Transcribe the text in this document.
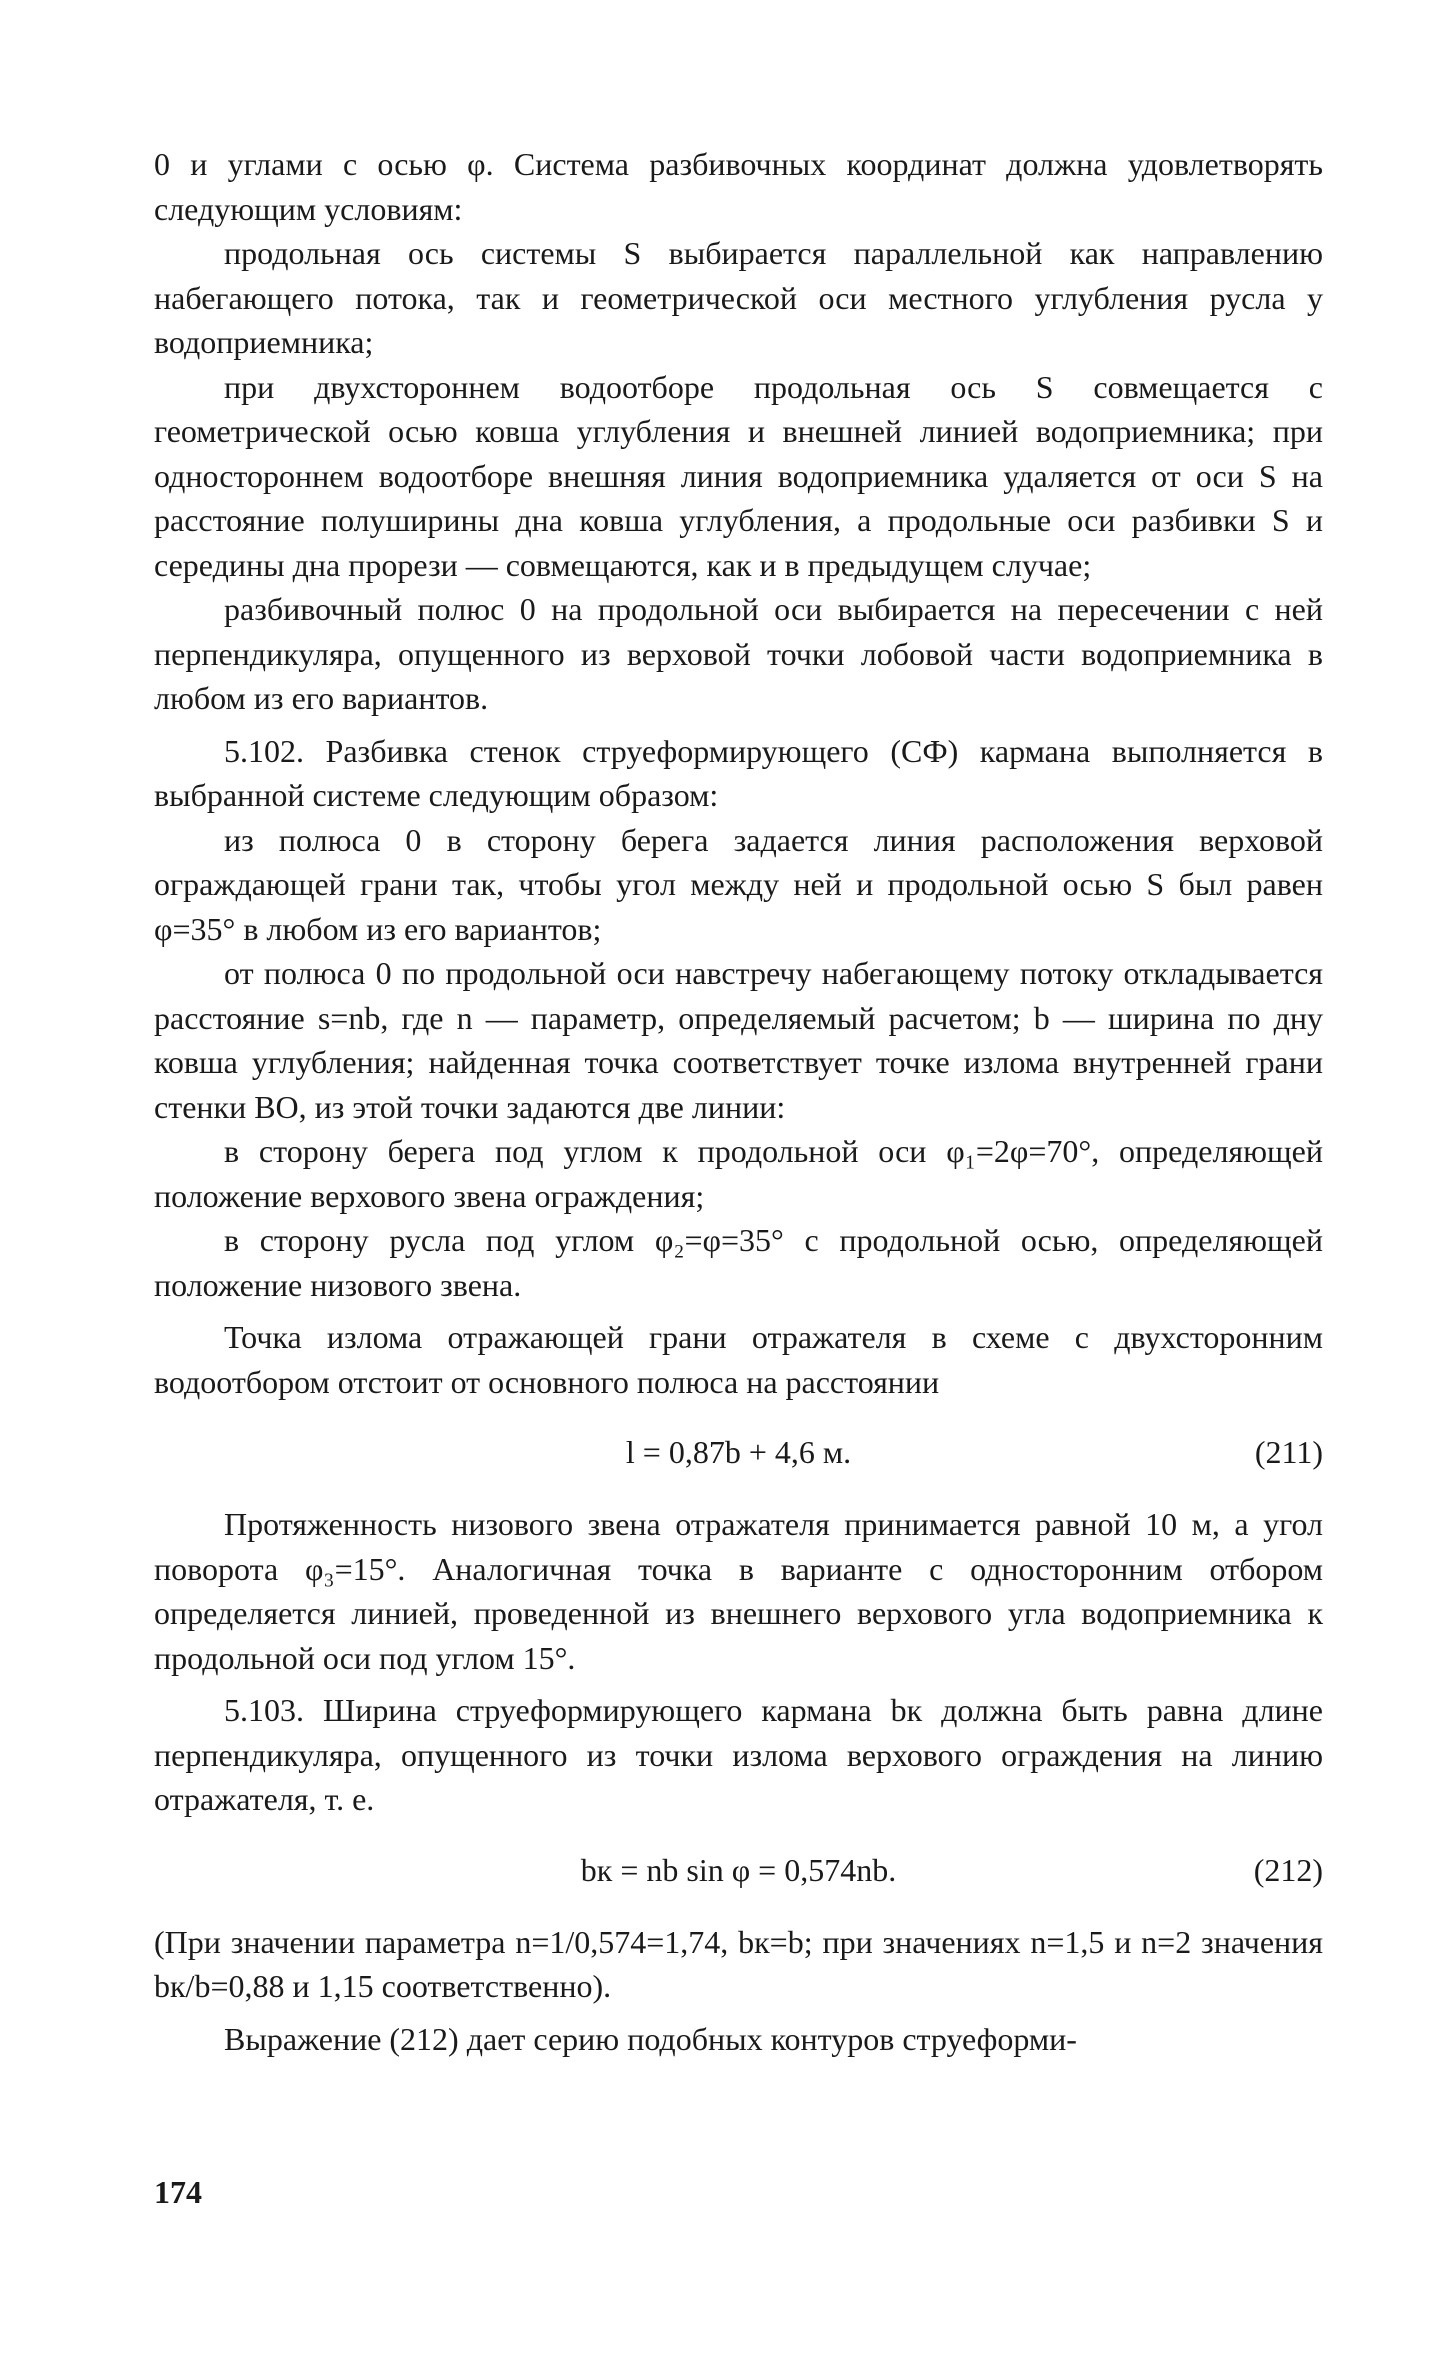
0 и углами с осью φ. Система разбивочных координат должна удовлетворять следующим условиям:

продольная ось системы S выбирается параллельной как направлению набегающего потока, так и геометрической оси местного углубления русла у водоприемника;

при двухстороннем водоотборе продольная ось S совмещается с геометрической осью ковша углубления и внешней линией водоприемника; при одностороннем водоотборе внешняя линия водоприемника удаляется от оси S на расстояние полуширины дна ковша углубления, а продольные оси разбивки S и середины дна прорези — совмещаются, как и в предыдущем случае;

разбивочный полюс 0 на продольной оси выбирается на пересечении с ней перпендикуляра, опущенного из верховой точки лобовой части водоприемника в любом из его вариантов.

5.102. Разбивка стенок струеформирующего (СФ) кармана выполняется в выбранной системе следующим образом:

из полюса 0 в сторону берега задается линия расположения верховой ограждающей грани так, чтобы угол между ней и продольной осью S был равен φ=35° в любом из его вариантов;

от полюса 0 по продольной оси навстречу набегающему потоку откладывается расстояние s=nb, где n — параметр, определяемый расчетом; b — ширина по дну ковша углубления; найденная точка соответствует точке излома внутренней грани стенки ВО, из этой точки задаются две линии:

в сторону берега под углом к продольной оси φ₁=2φ=70°, определяющей положение верхового звена ограждения;

в сторону русла под углом φ₂=φ=35° с продольной осью, определяющей положение низового звена.

Точка излома отражающей грани отражателя в схеме с двухсторонним водоотбором отстоит от основного полюса на расстоянии

l = 0,87b + 4,6 м.	(211)

Протяженность низового звена отражателя принимается равной 10 м, а угол поворота φ₃=15°. Аналогичная точка в варианте с односторонним отбором определяется линией, проведенной из внешнего верхового угла водоприемника к продольной оси под углом 15°.

5.103. Ширина струеформирующего кармана bк должна быть равна длине перпендикуляра, опущенного из точки излома верхового ограждения на линию отражателя, т. е.

bк = nb sin φ = 0,574nb.	(212)

(При значении параметра n=1/0,574=1,74, bк=b; при значениях n=1,5 и n=2 значения bк/b=0,88 и 1,15 соответственно).

Выражение (212) дает серию подобных контуров струеформи-

174
